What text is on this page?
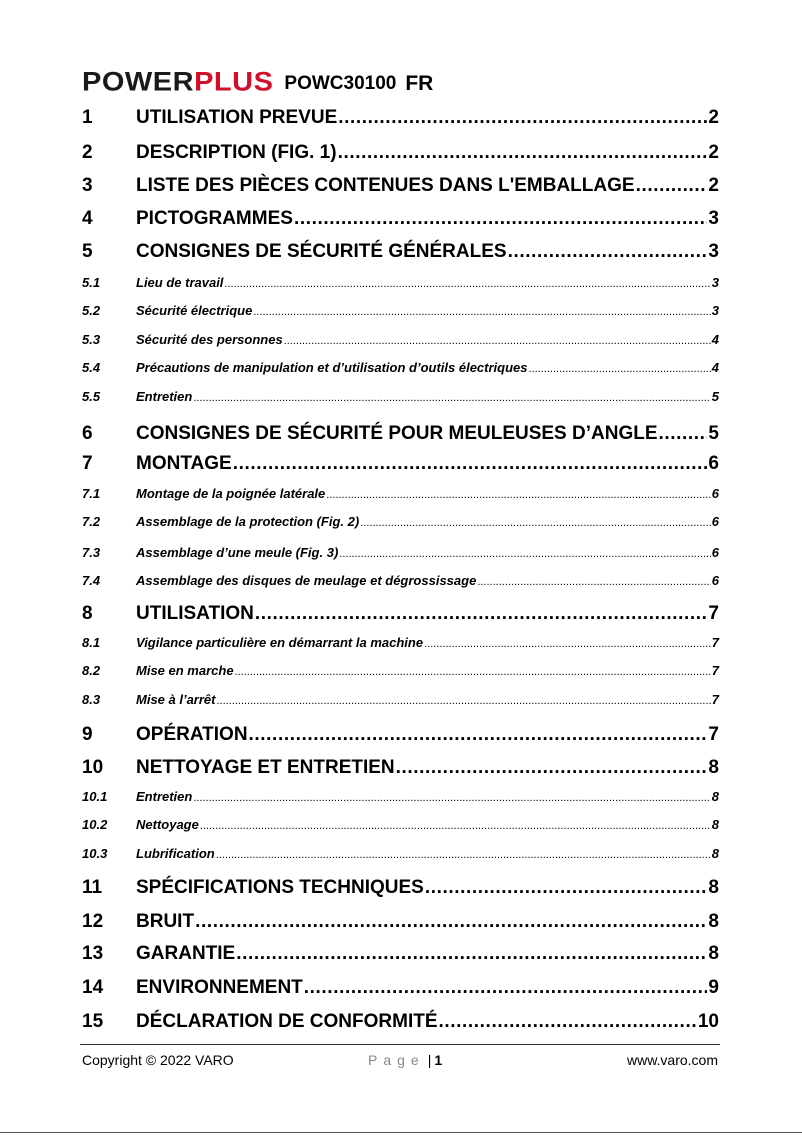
POWERPLUS POWC30100 FR
1	UTILISATION PREVUE .....	2
2	DESCRIPTION (FIG. 1) .....	2
3	LISTE DES PIÈCES CONTENUES DANS L'EMBALLAGE .....	2
4	PICTOGRAMMES .....	3
5	CONSIGNES DE SÉCURITÉ GÉNÉRALES .....	3
5.1	Lieu de travail .....	3
5.2	Sécurité électrique .....	3
5.3	Sécurité des personnes .....	4
5.4	Précautions de manipulation et d’utilisation d’outils électriques .....	4
5.5	Entretien .....	5
6	CONSIGNES DE SÉCURITÉ POUR MEULEUSES D’ANGLE .....	5
7	MONTAGE .....	6
7.1	Montage de la poignée latérale .....	6
7.2	Assemblage de la protection (Fig. 2) .....	6
7.3	Assemblage d’une meule (Fig. 3) .....	6
7.4	Assemblage des disques de meulage et dégrossissage .....	6
8	UTILISATION .....	7
8.1	Vigilance particulière en démarrant la machine .....	7
8.2	Mise en marche .....	7
8.3	Mise à l’arrêt .....	7
9	OPÉRATION .....	7
10	NETTOYAGE ET ENTRETIEN .....	8
10.1	Entretien .....	8
10.2	Nettoyage .....	8
10.3	Lubrification .....	8
11	SPÉCIFICATIONS TECHNIQUES .....	8
12	BRUIT .....	8
13	GARANTIE .....	8
14	ENVIRONNEMENT .....	9
15	DÉCLARATION DE CONFORMITÉ .....	10
Copyright © 2022 VARO	Page | 1	www.varo.com
